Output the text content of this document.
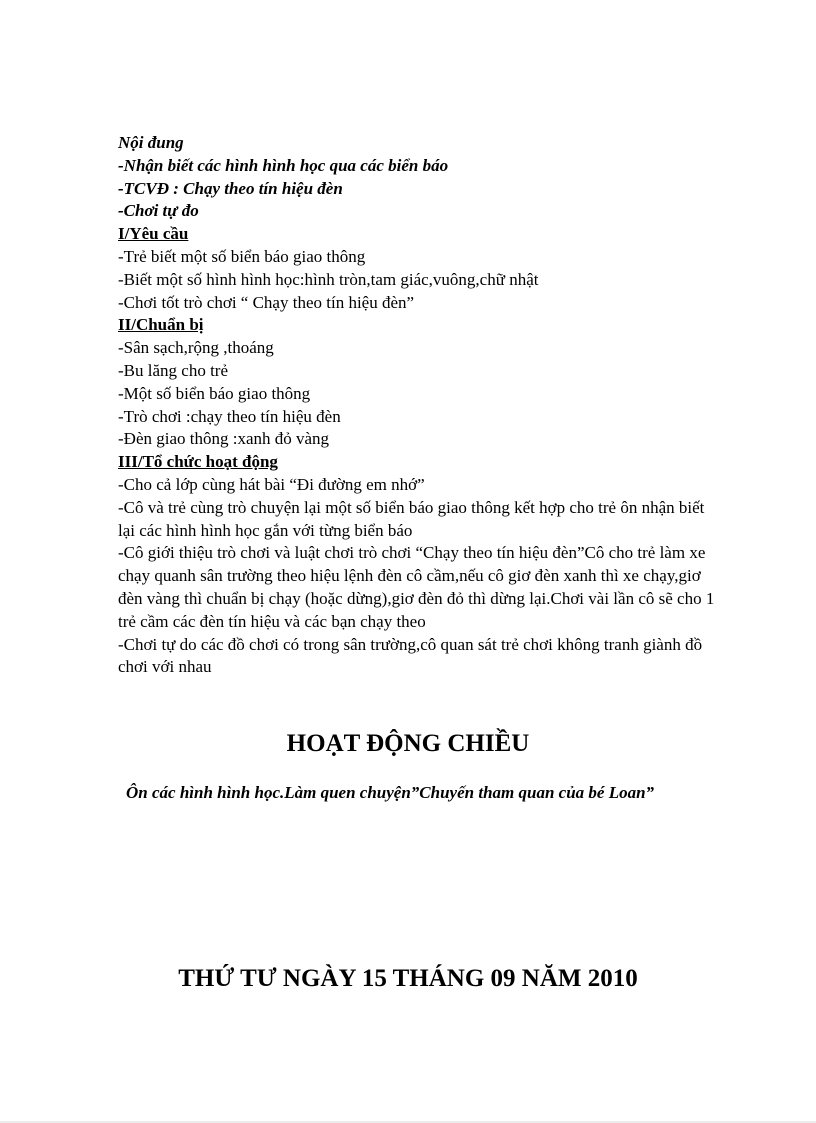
Nội đung
-Nhận biết các hình hình học qua các biển báo
-TCVĐ : Chạy theo tín hiệu đèn
-Chơi tự đo
I/Yêu cầu
-Trẻ biết một số biển báo giao thông
-Biết một số hình hình học:hình tròn,tam giác,vuông,chữ nhật
-Chơi tốt trò chơi “ Chạy theo tín hiệu đèn”
II/Chuẩn bị
-Sân sạch,rộng ,thoáng
-Bu lăng cho trẻ
-Một số biển báo giao thông
-Trò chơi :chạy theo tín hiệu đèn
-Đèn giao thông :xanh đỏ vàng
III/Tổ chức hoạt động
-Cho cả lớp cùng hát bài “Đi đường em nhớ”
-Cô và trẻ cùng trò chuyện lại một số biển báo giao thông kết hợp cho trẻ ôn nhận biết lại các hình hình học gắn với từng biển báo
-Cô giới thiệu trò chơi và luật chơi trò chơi “Chạy theo tín hiệu đèn”Cô cho trẻ làm xe chạy quanh sân trường theo hiệu lệnh đèn cô cầm,nếu cô giơ đèn xanh thì xe chạy,giơ đèn vàng thì chuẩn bị chạy (hoặc dừng),giơ đèn đỏ thì dừng lại.Chơi vài lần cô sẽ cho 1 trẻ cầm các đèn tín hiệu và các bạn chạy theo
-Chơi tự do các đồ chơi có trong sân trường,cô quan sát trẻ chơi không tranh giành đồ chơi với nhau
HOẠT ĐỘNG CHIỀU
Ôn các hình hình học.Làm quen chuyện”Chuyến tham quan của bé Loan”
THỨ TƯ NGÀY 15 THÁNG 09 NĂM 2010
